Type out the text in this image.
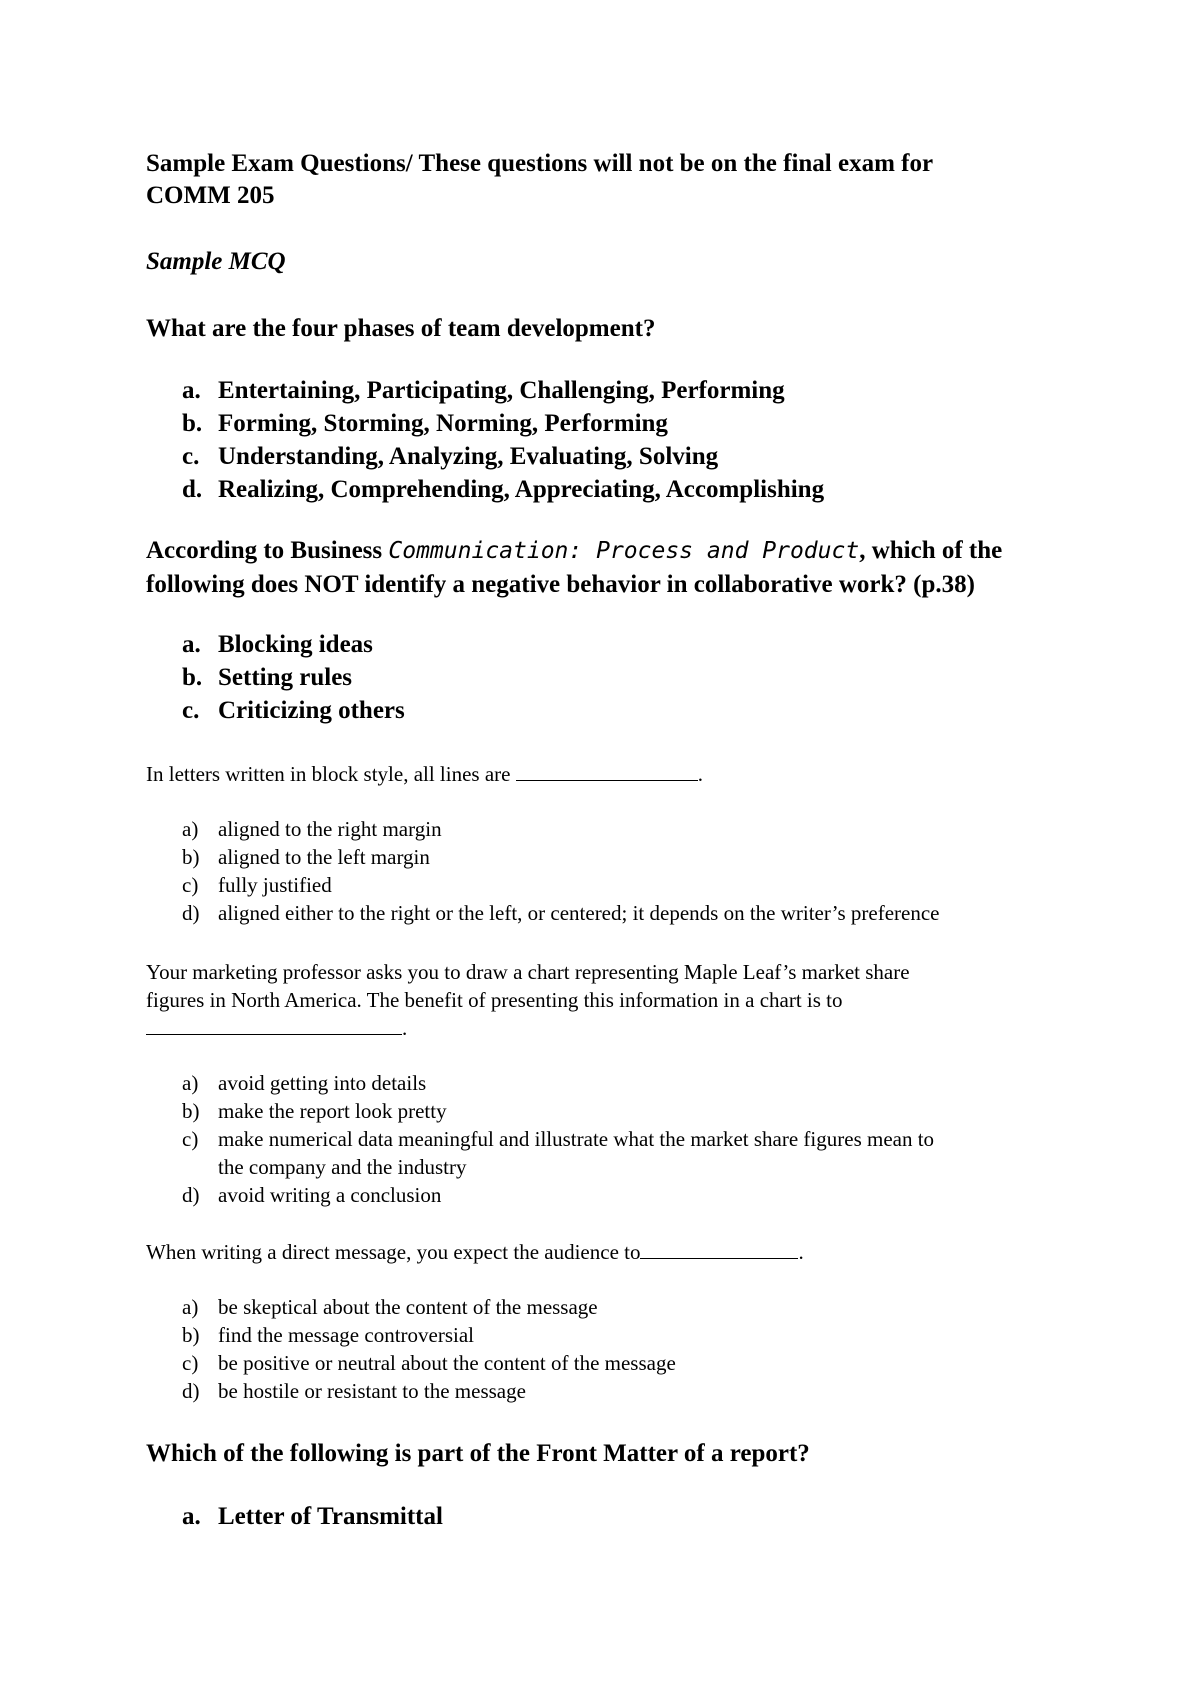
Sample Exam Questions/ These questions will not be on the final exam for
COMM 205

Sample MCQ

What are the four phases of team development?

a. Entertaining, Participating, Challenging, Performing
b. Forming, Storming, Norming, Performing
c. Understanding, Analyzing, Evaluating, Solving
d. Realizing, Comprehending, Appreciating, Accomplishing

According to Business Communication: Process and Product, which of the
following does NOT identify a negative behavior in collaborative work? (p.38)

a. Blocking ideas
b. Setting rules
c. Criticizing others

In letters written in block style, all lines are	.

a) aligned to the right margin
b) aligned to the left margin
c) fully justified
d) aligned either to the right or the left, or centered; it depends on the writer’s preference

Your marketing professor asks you to draw a chart representing Maple Leaf’s market share
figures in North America. The benefit of presenting this information in a chart is to
.

a) avoid getting into details
b) make the report look pretty
c) make numerical data meaningful and illustrate what the market share figures mean to
the company and the industry
d) avoid writing a conclusion

When writing a direct message, you expect the audience to	.

a) be skeptical about the content of the message
b) find the message controversial
c) be positive or neutral about the content of the message
d) be hostile or resistant to the message

Which of the following is part of the Front Matter of a report?

a. Letter of Transmittal
